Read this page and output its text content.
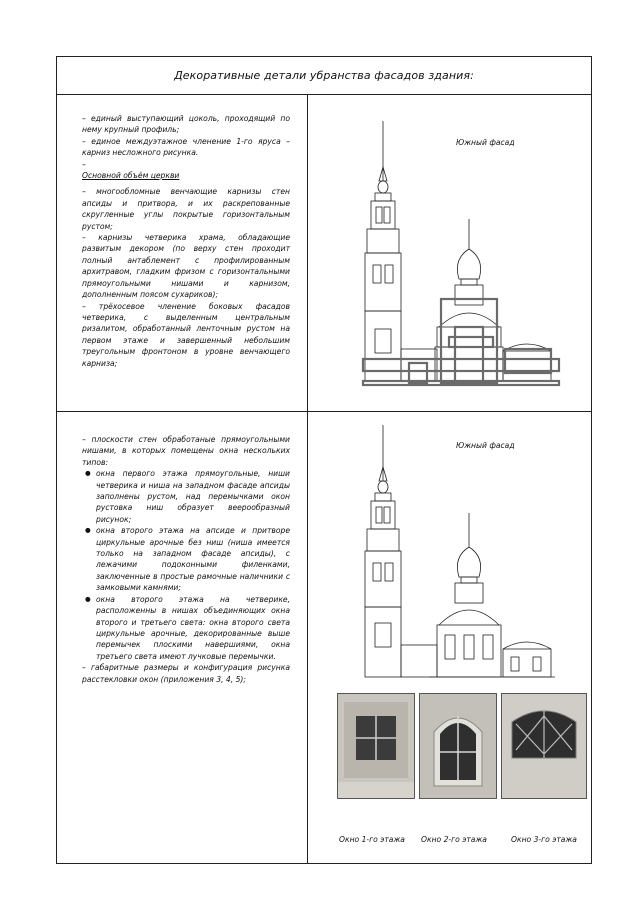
Декоративные детали убранства фасадов здания:

– единый выступающий цоколь, проходящий по нему крупный профиль;

– единое междуэтажное членение 1-го яруса – карниз несложного рисунка.

–

Основной объём церкви

– многообломные венчающие карнизы стен апсиды и притвора, и их раскрепованные скругленные углы покрытые горизонтальным рустом;

– карнизы четверика храма, обладающие развитым декором (по верху стен проходит полный антаблемент с профилированным архитравом, гладким фризом с горизонтальными прямоугольными нишами и карнизом, дополненным поясом сухариков);

– трёхосевое членение боковых фасадов четверика, с выделенным центральным ризалитом, обработанный ленточным рустом на первом этаже и завершенный небольшим треугольным фронтоном в уровне венчающего карниза;

– плоскости стен обработаные прямоугольными нишами, в которых помещены окна нескольких типов:

● окна первого этажа прямоугольные, ниши четверика и ниша на западном фасаде апсиды заполнены рустом, над перемычками окон рустовка ниш образует веерообразный рисунок;
● окна второго этажа на апсиде и притворе циркульные арочные без ниш (ниша имеется только на западном фасаде апсиды), с лежачими подоконными филенками, заключенные в простые рамочные наличники с замковыми камнями;
● окна второго этажа на четверике, расположенны в нишах объединяющих окна второго и третьего света: окна второго света циркульные арочные, декорированные выше перемычек плоскими навершиями, окна третьего света имеют лучковые перемычки.

– габаритные размеры и конфигурация рисунка расстекловки окон (приложения 3, 4, 5);

Южный фасад
Южный фасад
Окно 1-го этажа Окно 2-го этажа	Окно 3-го этажа
